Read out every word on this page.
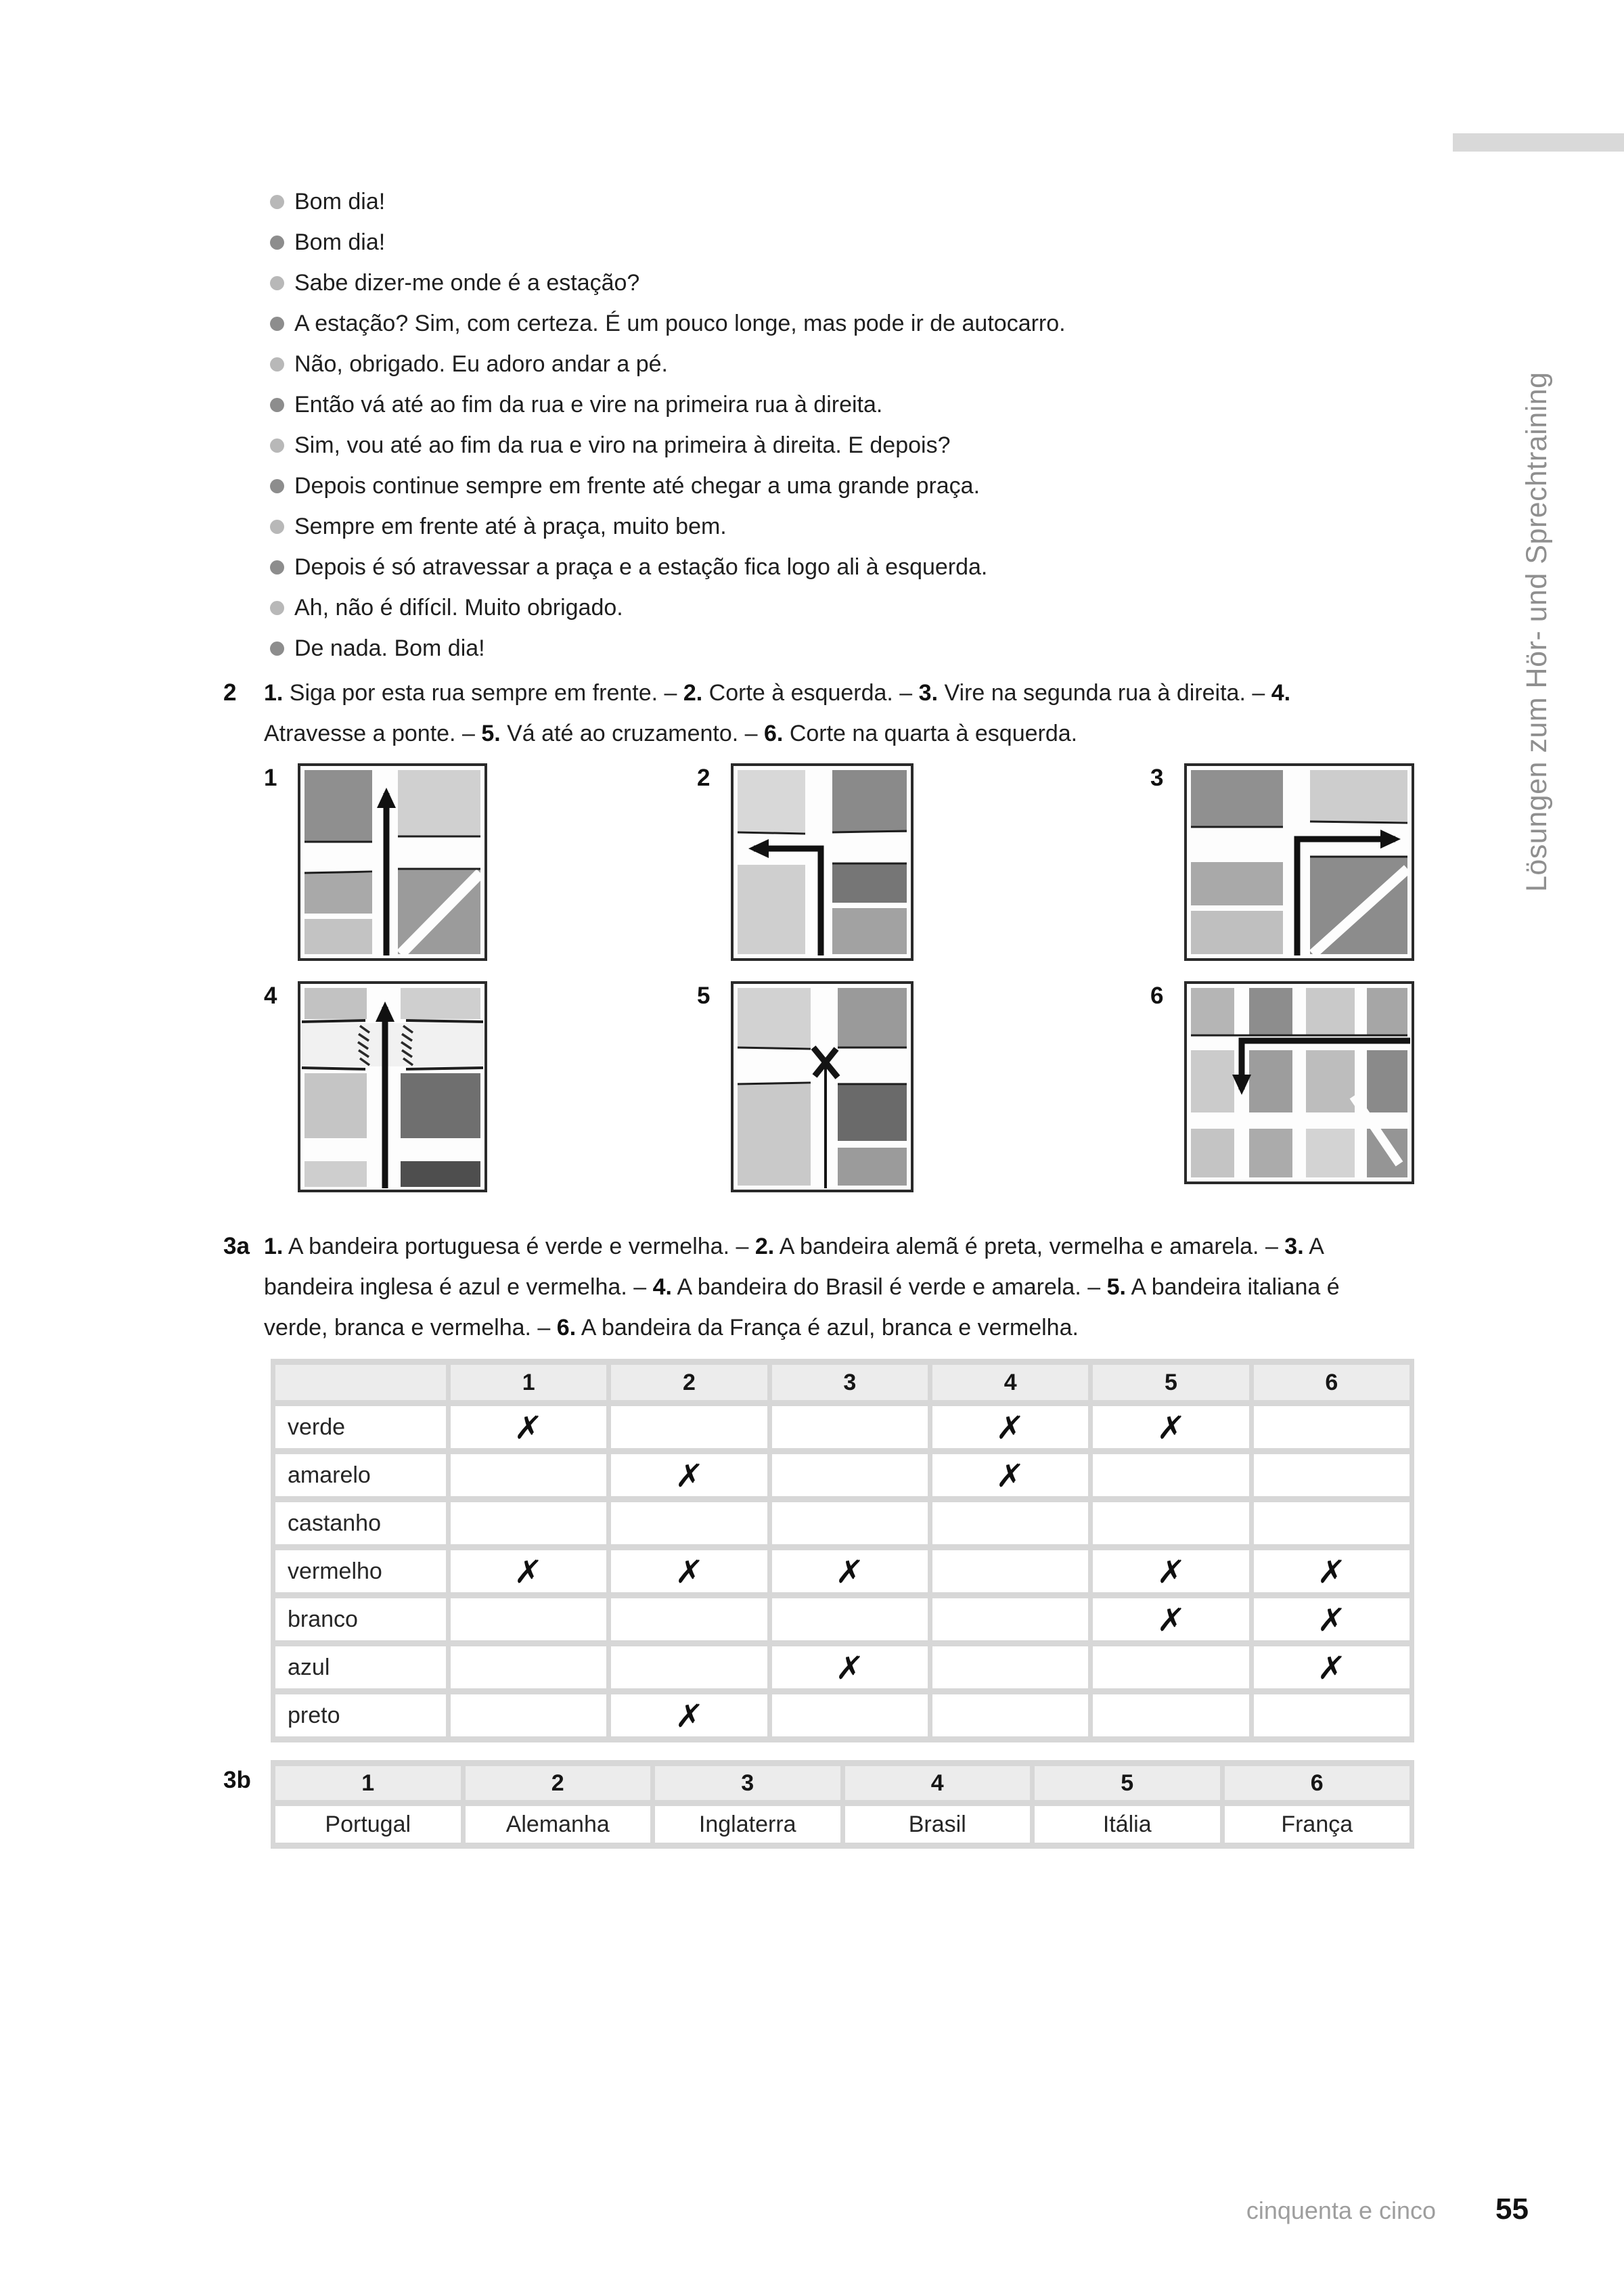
Bom dia!
Bom dia!
Sabe dizer-me onde é a estação?
A estação? Sim, com certeza. É um pouco longe, mas pode ir de autocarro.
Não, obrigado. Eu adoro andar a pé.
Então vá até ao fim da rua e vire na primeira rua à direita.
Sim, vou até ao fim da rua e viro na primeira à direita. E depois?
Depois continue sempre em frente até chegar a uma grande praça.
Sempre em frente até à praça, muito bem.
Depois é só atravessar a praça e a estação fica logo ali à esquerda.
Ah, não é difícil. Muito obrigado.
De nada. Bom dia!
2	1. Siga por esta rua sempre em frente. – 2. Corte à esquerda. – 3. Vire na segunda rua à direita. – 4. Atravesse a ponte. – 5. Vá até ao cruzamento. – 6. Corte na quarta à esquerda.
1	2	3
4	5	6
3a 1. A bandeira portuguesa é verde e vermelha. – 2. A bandeira alemã é preta, vermelha e amarela. – 3. A bandeira inglesa é azul e vermelha. – 4. A bandeira do Brasil é verde e amarela. – 5. A bandeira italiana é verde, branca e vermelha. – 6. A bandeira da França é azul, branca e vermelha.
	1	2	3	4	5	6
verde	✗			✗	✗	
amarelo		✗		✗		
castanho						
vermelho	✗	✗	✗		✗	✗
branco					✗	✗
azul			✗			✗
preto		✗				
3b	1	2	3	4	5	6
Portugal	Alemanha	Inglaterra	Brasil	Itália	França
Lösungen zum Hör- und Sprechtraining
cinquenta e cinco 55
